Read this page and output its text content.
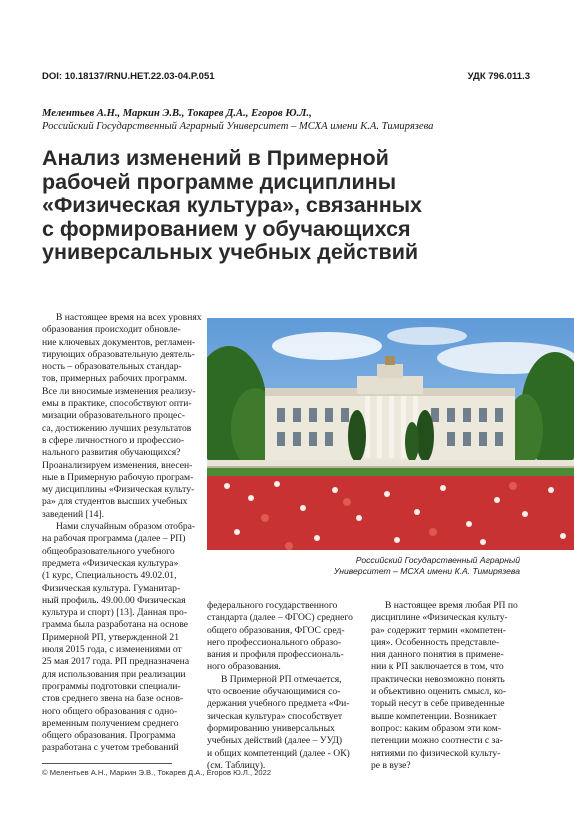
DOI: 10.18137/RNU.HET.22.03-04.P.051	УДК 796.011.3
Мелентьев А.Н., Маркин Э.В., Токарев Д.А., Егоров Ю.Л.,
Российский Государственный Аграрный Университет – МСХА имени К.А. Тимирязева
Анализ изменений в Примерной
рабочей программе дисциплины
«Физическая культура», связанных
с формированием у обучающихся
универсальных учебных действий
В настоящее время на всех уровнях
образования происходит обновле-
ние ключевых документов, регламен-
тирующих образовательную деятель-
ность – образовательных стандар-
тов, примерных рабочих программ.
Все ли вносимые изменения реализу-
емы в практике, способствуют опти-
мизации образовательного процес-
са, достижению лучших результатов
в сфере личностного и профессио-
нального развития обучающихся?
Проанализируем изменения, внесен-
ные в Примерную рабочую програм-
му дисциплины «Физическая культу-
ра» для студентов высших учебных
заведений [14].
Нами случайным образом отобра-
на рабочая программа (далее – РП)
общеобразовательного учебного
предмета «Физическая культура»
(1 курс, Специальность 49.02.01,
Физическая культура. Гуманитар-
ный профиль. 49.00.00 Физическая
культура и спорт) [13]. Данная про-
грамма была разработана на основе
Примерной РП, утвержденной 21
июля 2015 года, с изменениями от
25 мая 2017 года. РП предназначена
для использования при реализации
программы подготовки специали-
стов среднего звена на базе основ-
ного общего образования с одно-
временным получением среднего
общего образования. Программа
разработана с учетом требований
Российский Государственный Аграрный
Университет – МСХА имени К.А. Тимирязева
федерального государственного
стандарта (далее – ФГОС) среднего
общего образования, ФГОС сред-
него профессионального образо-
вания и профиля профессиональ-
ного образования.
В Примерной РП отмечается,
что освоение обучающимися со-
держания учебного предмета «Фи-
зическая культура» способствует
формированию универсальных
учебных действий (далее – УУД)
и общих компетенций (далее - ОК)
(см. Таблицу).
В настоящее время любая РП по
дисциплине «Физическая культу-
ра» содержит термин «компетен-
ция». Особенность представле-
ния данного понятия в примене-
нии к РП заключается в том, что
практически невозможно понять
и объективно оценить смысл, ко-
торый несут в себе приведенные
выше компетенции. Возникает
вопрос: каким образом эти ком-
петенции можно соотнести с за-
нятиями по физической культу-
ре в вузе?
© Мелентьев А.Н., Маркин Э.В., Токарев Д.А., Егоров Ю.Л., 2022
